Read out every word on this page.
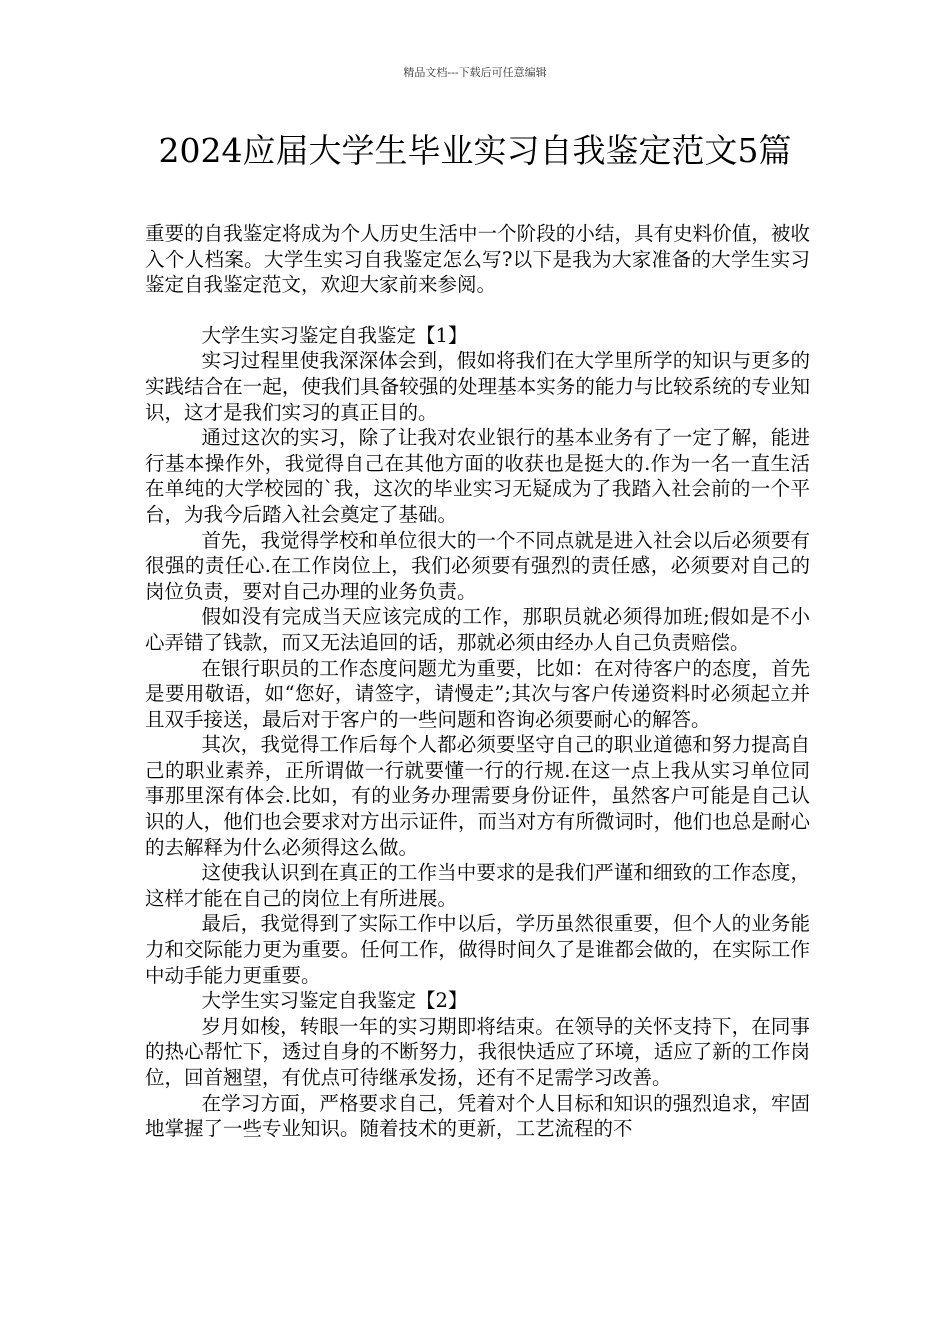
精品文档---下载后可任意编辑
2024应届大学生毕业实习自我鉴定范文5篇

重要的自我鉴定将成为个人历史生活中一个阶段的小结，具有史料价值，被收入个人档案。大学生实习自我鉴定怎么写?以下是我为大家准备的大学生实习鉴定自我鉴定范文，欢迎大家前来参阅。

大学生实习鉴定自我鉴定【1】

实习过程里使我深深体会到，假如将我们在大学里所学的知识与更多的实践结合在一起，使我们具备较强的处理基本实务的能力与比较系统的专业知识，这才是我们实习的真正目的。

通过这次的实习，除了让我对农业银行的基本业务有了一定了解，能进行基本操作外，我觉得自己在其他方面的收获也是挺大的.作为一名一直生活在单纯的大学校园的`我，这次的毕业实习无疑成为了我踏入社会前的一个平台，为我今后踏入社会奠定了基础。

首先，我觉得学校和单位很大的一个不同点就是进入社会以后必须要有很强的责任心.在工作岗位上，我们必须要有强烈的责任感，必须要对自己的岗位负责，要对自己办理的业务负责。

假如没有完成当天应该完成的工作，那职员就必须得加班;假如是不小心弄错了钱款，而又无法追回的话，那就必须由经办人自己负责赔偿。

在银行职员的工作态度问题尤为重要，比如：在对待客户的态度，首先是要用敬语，如“您好，请签字，请慢走”;其次与客户传递资料时必须起立并且双手接送，最后对于客户的一些问题和咨询必须要耐心的解答。

其次，我觉得工作后每个人都必须要坚守自己的职业道德和努力提高自己的职业素养，正所谓做一行就要懂一行的行规.在这一点上我从实习单位同事那里深有体会.比如，有的业务办理需要身份证件，虽然客户可能是自己认识的人，他们也会要求对方出示证件，而当对方有所微词时，他们也总是耐心的去解释为什么必须得这么做。

这使我认识到在真正的工作当中要求的是我们严谨和细致的工作态度，这样才能在自己的岗位上有所进展。

最后，我觉得到了实际工作中以后，学历虽然很重要，但个人的业务能力和交际能力更为重要。任何工作，做得时间久了是谁都会做的，在实际工作中动手能力更重要。

大学生实习鉴定自我鉴定【2】

岁月如梭，转眼一年的实习期即将结束。在领导的关怀支持下，在同事的热心帮忙下，透过自身的不断努力，我很快适应了环境，适应了新的工作岗位，回首翘望，有优点可待继承发扬，还有不足需学习改善。

在学习方面，严格要求自己，凭着对个人目标和知识的强烈追求，牢固地掌握了一些专业知识。随着技术的更新，工艺流程的不
